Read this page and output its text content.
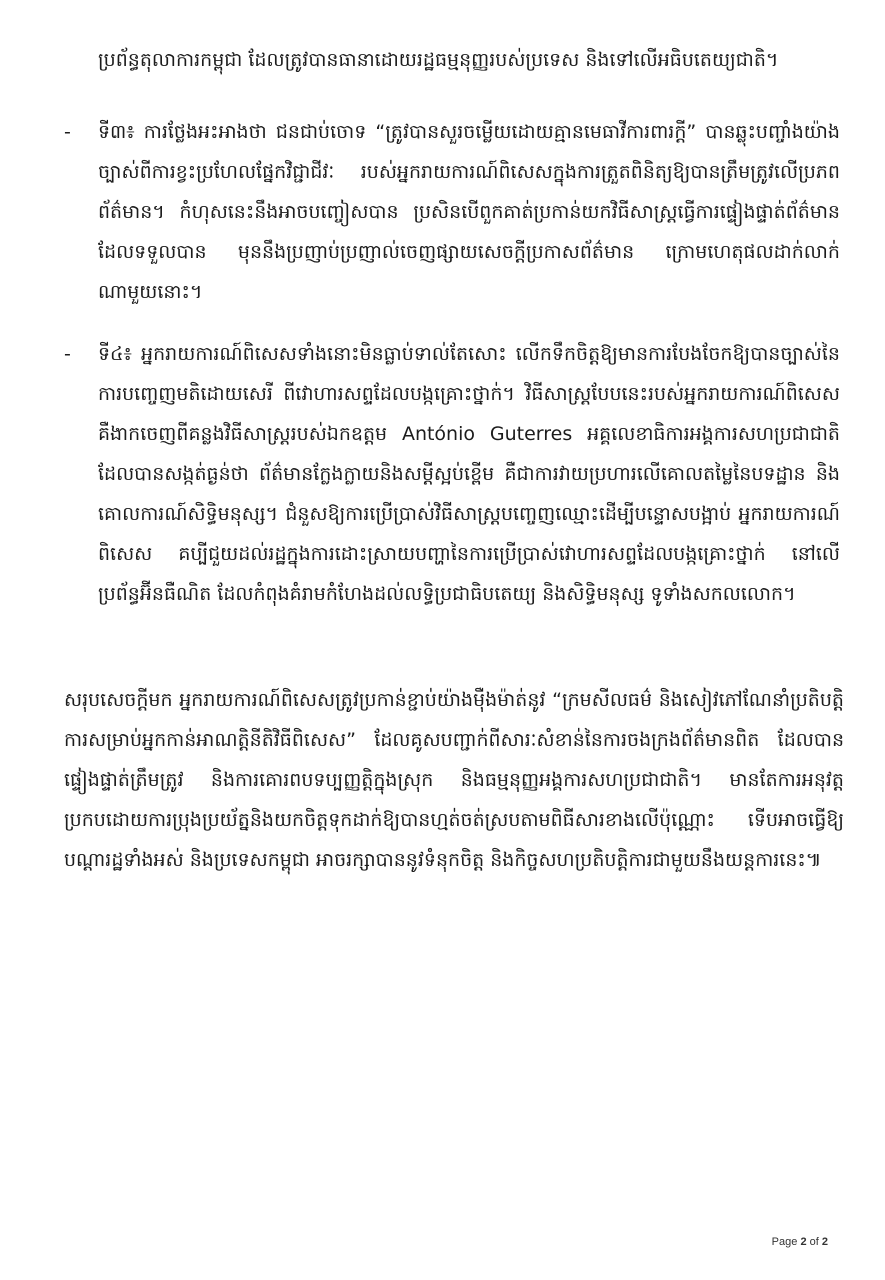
ប្រព័ន្ធតុលាការកម្ពុជា ដែលត្រូវបានធានាដោយរដ្ឋធម្មនុញ្ញរបស់ប្រទេស និងទៅលើអធិបតេយ្យជាតិ។

- ទី៣៖ ការថ្លែងអះអាងថា ជនជាប់ចោទ “ត្រូវបានសួរចម្លើយដោយគ្មានមេធាវីការពារក្តី” បានឆ្លុះបញ្ចាំងយ៉ាងច្បាស់ពីការខ្វះប្រហែលផ្នែកវិជ្ជាជីវៈ របស់អ្នករាយការណ៍ពិសេសក្នុងការត្រួតពិនិត្យឱ្យបានត្រឹមត្រូវលើប្រភពព័ត៌មាន។ កំហុសនេះនឹងអាចបញ្ចៀសបាន ប្រសិនបើពួកគាត់ប្រកាន់យកវិធីសាស្ត្រធ្វើការផ្ទៀងផ្ទាត់ព័ត៌មានដែលទទួលបាន មុននឹងប្រញាប់ប្រញាល់ចេញផ្សាយសេចក្តីប្រកាសព័ត៌មាន ក្រោមហេតុផលដាក់លាក់ណាមួយនោះ។

- ទី៤៖ អ្នករាយការណ៍ពិសេសទាំងនោះមិនធ្លាប់ទាល់តែសោះ លើកទឹកចិត្តឱ្យមានការបែងចែកឱ្យបានច្បាស់នៃការបញ្ចេញមតិដោយសេរី ពីវោហារសព្ទដែលបង្កគ្រោះថ្នាក់។ វិធីសាស្ត្របែបនេះរបស់អ្នករាយការណ៍ពិសេស គឺងាកចេញពីគន្លងវិធីសាស្ត្ររបស់ឯកឧត្តម António Guterres អគ្គលេខាធិការអង្គការសហប្រជាជាតិ ដែលបានសង្កត់ធ្ងន់ថា ព័ត៌មានក្លែងក្លាយនិងសម្តីស្អប់ខ្ពើម គឺជាការវាយប្រហារលើគោលតម្លៃនៃបទដ្ឋាន និងគោលការណ៍សិទ្ធិមនុស្ស។ ជំនួសឱ្យការប្រើប្រាស់វិធីសាស្ត្របញ្ចេញឈ្មោះដើម្បីបន្ទោសបង្អាប់ អ្នករាយការណ៍ពិសេស គប្បីជួយដល់រដ្ឋក្នុងការដោះស្រាយបញ្ហានៃការប្រើប្រាស់វោហារសព្ទដែលបង្កគ្រោះថ្នាក់ នៅលើប្រព័ន្ធអ៊ីនធឺណិត ដែលកំពុងគំរាមកំហែងដល់លទ្ធិប្រជាធិបតេយ្យ និងសិទ្ធិមនុស្ស ទូទាំងសកលលោក។

សរុបសេចក្តីមក អ្នករាយការណ៍ពិសេសត្រូវប្រកាន់ខ្ជាប់យ៉ាងម៉ឺងម៉ាត់នូវ “ក្រមសីលធម៌ និងសៀវភៅណែនាំប្រតិបត្តិការសម្រាប់អ្នកកាន់អាណត្តិនីតិវិធីពិសេស” ដែលគូសបញ្ជាក់ពីសារៈសំខាន់នៃការចងក្រងព័ត៌មានពិត ដែលបានផ្ទៀងផ្ទាត់ត្រឹមត្រូវ និងការគោរពបទប្បញ្ញត្តិក្នុងស្រុក និងធម្មនុញ្ញអង្គការសហប្រជាជាតិ។ មានតែការអនុវត្តប្រកបដោយការប្រុងប្រយ័ត្ននិងយកចិត្តទុកដាក់ឱ្យបានហ្មត់ចត់ស្របតាមពិធីសារខាងលើប៉ុណ្ណោះ ទើបអាចធ្វើឱ្យបណ្តារដ្ឋទាំងអស់ និងប្រទេសកម្ពុជា អាចរក្សាបាននូវទំនុកចិត្ត និងកិច្ចសហប្រតិបត្តិការជាមួយនឹងយន្តការនេះ៕

Page 2 of 2
